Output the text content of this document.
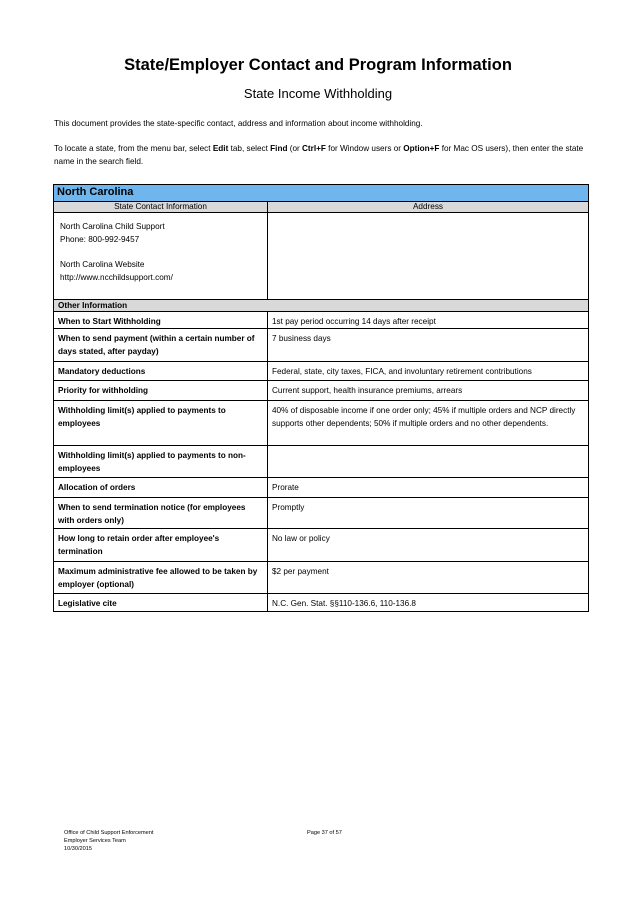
State/Employer Contact and Program Information
State Income Withholding
This document provides the state-specific contact, address and information about income withholding.
To locate a state, from the menu bar, select Edit tab, select Find (or Ctrl+F for Window users or Option+F for Mac OS users), then enter the state name in the search field.
North Carolina	
State Contact Information	Address

North Carolina Child Support
Phone: 800-992-9457
North Carolina Website
http://www.ncchildsupport.com/	

Other Information	
When to Start Withholding	1st pay period occurring 14 days after receipt
When to send payment (within a certain number of days stated, after payday)	7 business days
Mandatory deductions	Federal, state, city taxes, FICA, and involuntary retirement contributions
Priority for withholding	Current support, health insurance premiums, arrears
Withholding limit(s) applied to payments to employees	40% of disposable income if one order only; 45% if multiple orders and NCP directly supports other dependents; 50% if multiple orders and no other dependents.
Withholding limit(s) applied to payments to non-employees	
Allocation of orders	Prorate
When to send termination notice (for employees with orders only)	Promptly
How long to retain order after employee's termination	No law or policy
Maximum administrative fee allowed to be taken by employer (optional)	$2 per payment
Legislative cite	N.C. Gen. Stat. §§110-136.6, 110-136.8
Office of Child Support Enforcement
Employer Services Team
10/30/2015
Page 37 of 57
